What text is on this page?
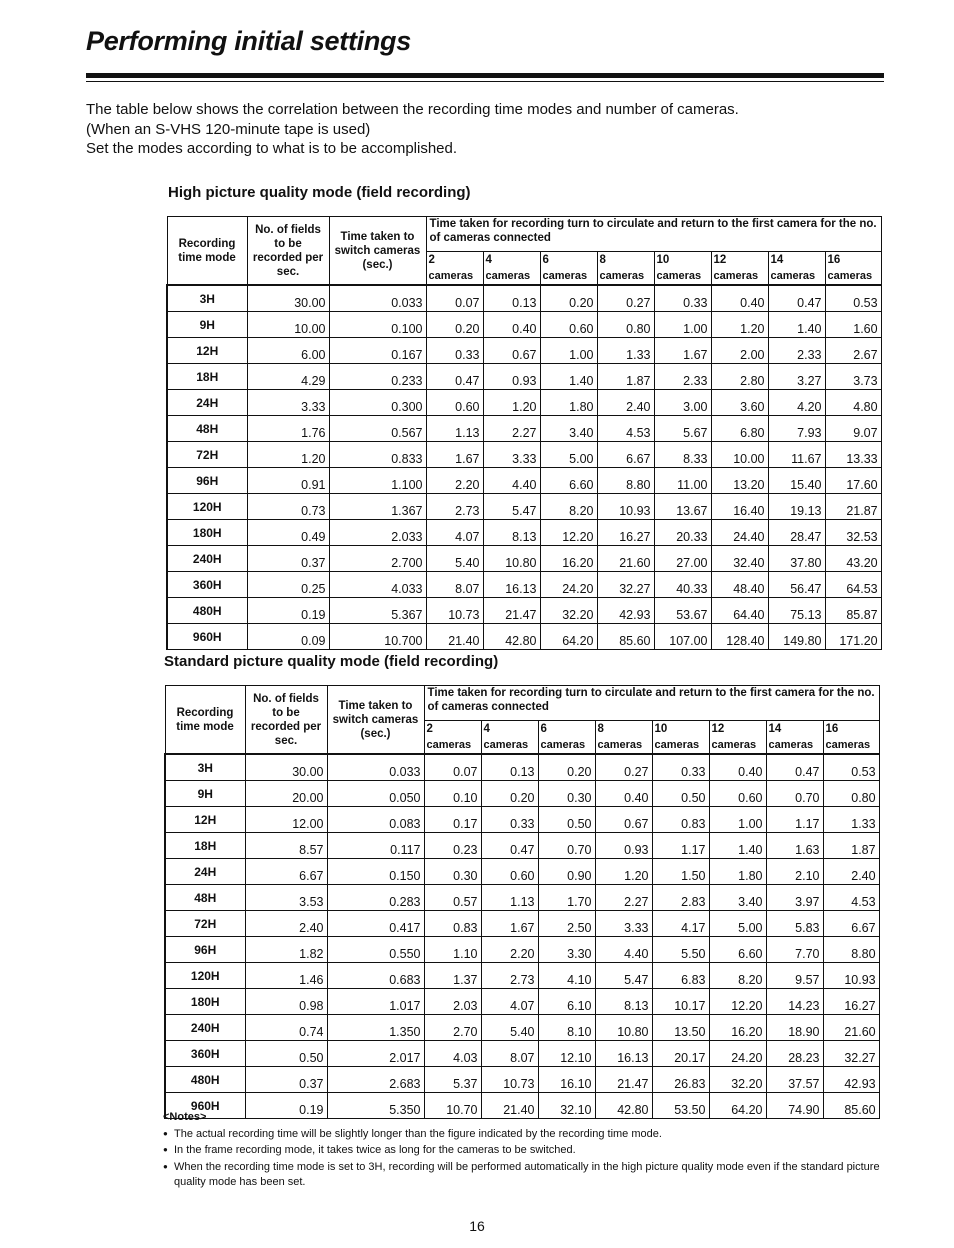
Performing initial settings

The table below shows the correlation between the recording time modes and number of cameras.

(When an S-VHS 120-minute tape is used)

Set the modes according to what is to be accomplished.

High picture quality mode (field recording)
Recording time mode	No. of fields to be recorded per sec.	Time taken to switch cameras (sec.)	Time taken for recording turn to circulate and return to the first camera for the no. of cameras connected							
			2
cameras	4
cameras	6
cameras	8
cameras	10
cameras	12
cameras	14
cameras	16
cameras

3H	30.00	0.033	0.07	0.13	0.20	0.27	0.33	0.40	0.47	0.53
9H	10.00	0.100	0.20	0.40	0.60	0.80	1.00	1.20	1.40	1.60
12H	6.00	0.167	0.33	0.67	1.00	1.33	1.67	2.00	2.33	2.67
18H	4.29	0.233	0.47	0.93	1.40	1.87	2.33	2.80	3.27	3.73
24H	3.33	0.300	0.60	1.20	1.80	2.40	3.00	3.60	4.20	4.80
48H	1.76	0.567	1.13	2.27	3.40	4.53	5.67	6.80	7.93	9.07
72H	1.20	0.833	1.67	3.33	5.00	6.67	8.33	10.00	11.67	13.33
96H	0.91	1.100	2.20	4.40	6.60	8.80	11.00	13.20	15.40	17.60
120H	0.73	1.367	2.73	5.47	8.20	10.93	13.67	16.40	19.13	21.87
180H	0.49	2.033	4.07	8.13	12.20	16.27	20.33	24.40	28.47	32.53
240H	0.37	2.700	5.40	10.80	16.20	21.60	27.00	32.40	37.80	43.20
360H	0.25	4.033	8.07	16.13	24.20	32.27	40.33	48.40	56.47	64.53
480H	0.19	5.367	10.73	21.47	32.20	42.93	53.67	64.40	75.13	85.87
960H	0.09	10.700	21.40	42.80	64.20	85.60	107.00	128.40	149.80	171.20
Standard picture quality mode (field recording)
Recording time mode	No. of fields to be recorded per sec.	Time taken to switch cameras (sec.)	Time taken for recording turn to circulate and return to the first camera for the no. of cameras connected							
			2
cameras	4
cameras	6
cameras	8
cameras	10
cameras	12
cameras	14
cameras	16
cameras

3H	30.00	0.033	0.07	0.13	0.20	0.27	0.33	0.40	0.47	0.53
9H	20.00	0.050	0.10	0.20	0.30	0.40	0.50	0.60	0.70	0.80
12H	12.00	0.083	0.17	0.33	0.50	0.67	0.83	1.00	1.17	1.33
18H	8.57	0.117	0.23	0.47	0.70	0.93	1.17	1.40	1.63	1.87
24H	6.67	0.150	0.30	0.60	0.90	1.20	1.50	1.80	2.10	2.40
48H	3.53	0.283	0.57	1.13	1.70	2.27	2.83	3.40	3.97	4.53
72H	2.40	0.417	0.83	1.67	2.50	3.33	4.17	5.00	5.83	6.67
96H	1.82	0.550	1.10	2.20	3.30	4.40	5.50	6.60	7.70	8.80
120H	1.46	0.683	1.37	2.73	4.10	5.47	6.83	8.20	9.57	10.93
180H	0.98	1.017	2.03	4.07	6.10	8.13	10.17	12.20	14.23	16.27
240H	0.74	1.350	2.70	5.40	8.10	10.80	13.50	16.20	18.90	21.60
360H	0.50	2.017	4.03	8.07	12.10	16.13	20.17	24.20	28.23	32.27
480H	0.37	2.683	5.37	10.73	16.10	21.47	26.83	32.20	37.57	42.93
960H	0.19	5.350	10.70	21.40	32.10	42.80	53.50	64.20	74.90	85.60

<Notes>

● The actual recording time will be slightly longer than the figure indicated by the recording time mode.
● In the frame recording mode, it takes twice as long for the cameras to be switched.
● When the recording time mode is set to 3H, recording will be performed automatically in the high picture quality mode even if the standard picture quality mode has been set.
16
